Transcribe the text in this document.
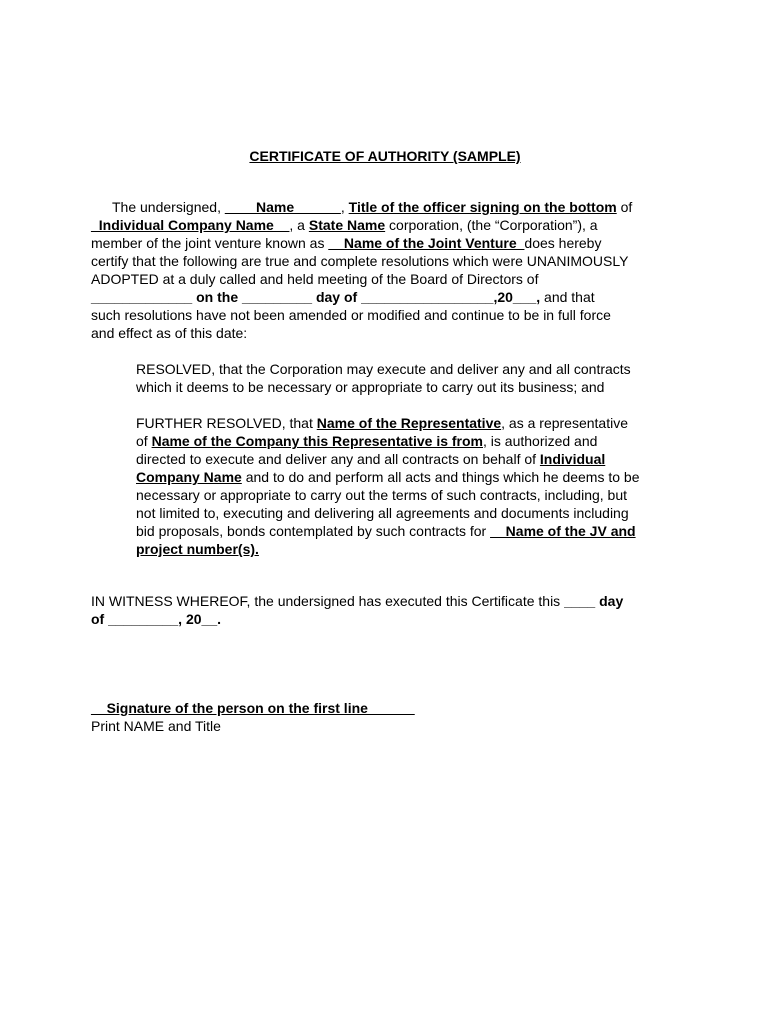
CERTIFICATE OF AUTHORITY (SAMPLE)
The undersigned, ____Name______, Title of the officer signing on the bottom of
_Individual Company Name__, a State Name corporation, (the “Corporation”), a
member of the joint venture known as __Name of the Joint Venture_does hereby
certify that the following are true and complete resolutions which were UNANIMOUSLY
ADOPTED at a duly called and held meeting of the Board of Directors of
_____________ on the _________ day of _________________,20___, and that
such resolutions have not been amended or modified and continue to be in full force
and effect as of this date:
RESOLVED, that the Corporation may execute and deliver any and all contracts
which it deems to be necessary or appropriate to carry out its business; and
FURTHER RESOLVED, that Name of the Representative, as a representative
of Name of the Company this Representative is from, is authorized and
directed to execute and deliver any and all contracts on behalf of Individual
Company Name and to do and perform all acts and things which he deems to be
necessary or appropriate to carry out the terms of such contracts, including, but
not limited to, executing and delivering all agreements and documents including
bid proposals, bonds contemplated by such contracts for __Name of the JV and
project number(s).
IN WITNESS WHEREOF, the undersigned has executed this Certificate this ____ day
of _________, 20__.
__Signature of the person on the first line______
Print NAME and Title
